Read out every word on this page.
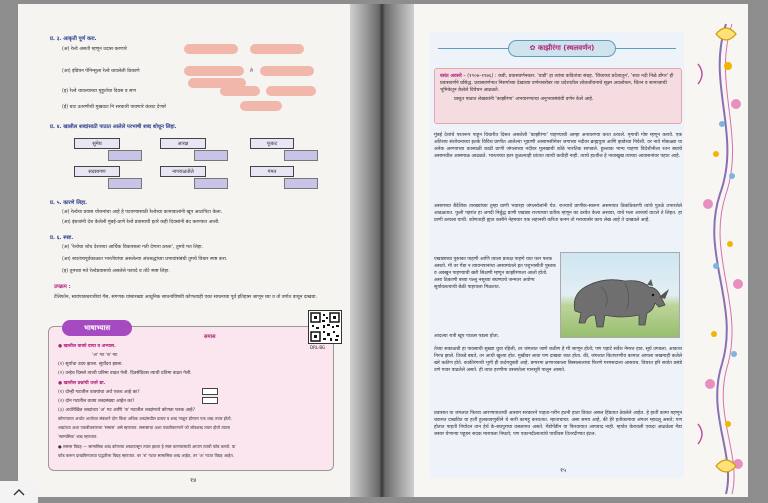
प्र. ३. आकृती पूर्ण करा.
(अ) रेल्वे असती म्हणून उदास करणारे
(आ) इंडियन पेनिन्सुला रेल्वे धावलेली ठिकाणे	ते
(इ) रेल्वे धावल्याच्या मुहूर्ताचा दिवस व सण
(ई) घाट उतरणीची मुखवटा नि सरकारी पावणारे कंत्राट देणारे
प्र. ४. खालील शब्दांसाठी पाठात आलेले परभाषी शब्द शोधून लिहा.
सुमेघ	आरक्ष	फूकट
सदस्यगण	नागराळतोले	गंमत
प्र. ५. कारणे लिहा.
(अ) रेल्वेचा प्रवास योजनांचा आहे हे पटवण्यासाठी रेल्वेच्या कामावालांनी खूप आटापिटा केला.
(आ) इंग्रजांनी देश केलेली मुंबई-ठाणे रेल्वे प्रवासाची इतरे कही दिवसांनी बंद करण्यात आली.
प्र. ६. स्पष्ट.
(अ) 'रेल्वेचा शोध देशाच्या आर्थिक विकासाला गती देणारा ठरला', तुमचे मत लिहा.
(आ) स्वातंत्र्यपूर्वकाळात भारतीयांचा असलेल्या अंधश्रद्धांच्या प्रभावांसंबंधी तुमचे विचार स्पष्ट करा.
(इ) तुमच्या मते रेल्वेप्रवासाचे असलेले फायदे व तोटे स्पष्ट लिहा.
उपक्रम :
टेलिफोन, स्वयंपाकघराचीयां गॅस, संगणक यांसारख्या आधुनिक साधनांविषयी कोणत्याही एका साधनाचा पूर्व इतिहास जाणून घ्या व तो वर्गात वाचून दाखवा.
भाषाभ्यास
समास
DRL-BG
● खालील वाक्ये वाचा व अभ्यास.
'अ' गट 'ब' गट
(१) सूर्याचा उदय झाला. सूर्योदय झाला.
(२) उन्हेच दिसले त्याची प्रतिमा वाढत गेली. दिवसेंदिवस त्याची प्रतिमा वाढत गेली.
● खालील प्रश्नांची उत्तरे द्या.
(१) दोन्ही गटातील वाक्यांचा अर्थ एकच आहे का?
(२) दोन गटातील वाक्य शब्दसंख्या आहेत का?
(३) अधोरेखित शब्दांच्या 'अ' गट आणि 'ब' गटातील शब्दांमध्ये कोणता फरक आहे?
कोणत्याचा अर्थात अर्थाच्या संबंधाने दोन किंवा अधिक शब्दांमधील प्रत्यय व शब्द गाळून होणारा एक शब्द तयार होतो.
शब्दांच्या अशा एकत्रीकरणाला 'समास' असे म्हणतात. समासाचा अशा एकत्रीकरणाने जो जोडशब्द तयार होतो त्याला
'सामासिक' शब्द म्हणतात.
● समास विग्रह — सामासिक शब्द कोणत्या शब्दापासून तयार झाला हे स्पष्ट करण्यासाठी आपण त्याची फोड करतो. या
फोड करून दाखविण्याच्या पद्धतीला विग्रह म्हणतात. वर 'ब' गटात सामासिक शब्द आहेत, तर 'अ' गटात विग्रह आहेत.
१४
✿ काझीरंगा (स्थलवर्णन)
वसंत अवसरे – (१९०७–१९७६) : कवी, प्रवासवर्णनकार. 'वाडी' हा त्यांचा कवितांचा संग्रह. 'विंध्याचा प्रदेशातून', 'सात नदी निळे डोंगर' ही प्रवासवर्णने प्रसिद्ध. प्रवासवर्णनात निसर्गाच्या देखाव्या वर्णनाबरोबर त्या प्रदेशातील लोकजीवनाचे सूक्ष्म अवलोकन, चिंतन व सामाजाची भूमिकेतून केलेले विवेचन आढळते.
प्रस्तुत पाठात लेखकांनी 'काझीरंगा' अभयारण्याचा अनुभवासंबंधी वर्णन केले आहे.
मुंबई देशांचे परतरूप पाहून विचारीत दिसत असलेली 'काझीरंगा' पाहण्याची आम्हा अनावरण्या करत ठरवले. मृगाची गोष्ट म्हणून करावे. एक अतिशय संशोधनाच्या इतके विविध प्राणीत आलेल्या भूप्राणी आसामसीमेवर जगाच्या नदीवर ब्राह्मपुत्रा आणि झाडेच्या निवेशी. वर नावे मोकळ्या या अनेक अरण्याच्या वतस्थळी काढी प्राणी जंगलाच्या नदीवर मुलखाची कोठे भारतिक सापडले. हुल्लाक भाग्य पाहणा विदेशीनीला रतन बघाचे असामधील आसमाळ आढळते. भारताच्या इतर कुठल्याही प्रांतात त्याची कधीही नाही. त्याचे हाताील हे नावाखुख त्याच्या आवासनांवर पहात आहे.
असामच्या बैदेशिक तारख्यांच्या तुम्हा प्राणी भवारहा जंगलरोलांनी येत. राज्याचे प्राणीक-स्वरूप असमायत ठिकठिकाणी त्यांचे पुतळे उभारलेले आढळतात. फुली पहरांत हा अगदी निर्बुद्ध प्राणी एखाद्या राज्याच्या प्रतीक म्हणून का ठरवेत केला असावा, याचे मला आश्चर्य वाटले ते लिहत. हा प्राणी ठरवला याची. कोणताही ह्यात कसीने नेहमवार एक लहानसी करिता कनम तो मराव्यासेर काय लेख आहे ते दाखवले आहे.
एखाद्याच्या पुस्तका पाहणी आणि त्याला प्रत्यक्ष पाहणे यात फार फरक असतो. मी तर गेंडा न त्यावनपानांचा आसामांतले ह्रत पशुभासीती पुस्तक व अक्खुन पाहण्याची खरी सिक्षणी म्हणून काझीरंगाला आलो होतो. असा ठिकाणी बच्या पल्लु नसूच्या बघण्याचे जन्मतर अयोग्य सूर्यावलत्याची बेळी पाहायला मिळतात.
आदल्या रात्री खूप पाऊस पडला होता.
तेच्या सकाळची हा पावसाची सुख्या धुवा रहिली, तर जंगलात जाणे कठीण हे मी जाणून होतो; पण पहाटे सर्वेश नेमरत हाव. सूर्य उगवला. आकाश निरभ्र झाले. तिकडे बघते, तर आधी खुल्या होत. मुखीवर लावा पण दाखवा जात होता. की, जंगलात कितपरणीय कामात आपला जखमाही कलेले खरे कठीण होते. काकीरंगाची भूमी ही कर्दमयुक्ती आहे. डम्परमा क्षणाजकाला बिस्सलालाचा फिरणे गरमसदाला आसवच. विचरत हरि सर्वात प्रसंडे उणे गावर वाढलेले असते. ही त्यात हरणीमा वससतेला मानसूरी पालून आसते.
प्रवासात या जंगलात फिरवा आरण्यपालाची आसाम सरकारने पाहता-परीन हतनी हाता विकत असल हिंडतात ठेवलेले आहेत. हे हातीं कामा महणून चकमत दाखवित या हत्तीं हुलकावणुकीने थे सारी कामहू करवतात. म्हाताचाचा: असा समय आहे, की हेरे हतीकामावा अंगतर म्हादलू असते; पण होतात पाहती नियोदन तान हेर्थ के-बचपुराचा वसलामत असते. गेंडोपेंडीन या फिरवायात आपवाद नाही. म्हावेत केरावली एकदा आढळेला गेंडा जसार येणाऱ्या पहूडन सदक मारायला निघतो; पण एकानदीलात्यांचे पार्थीवस तितरदीणात इंटल.
१५
